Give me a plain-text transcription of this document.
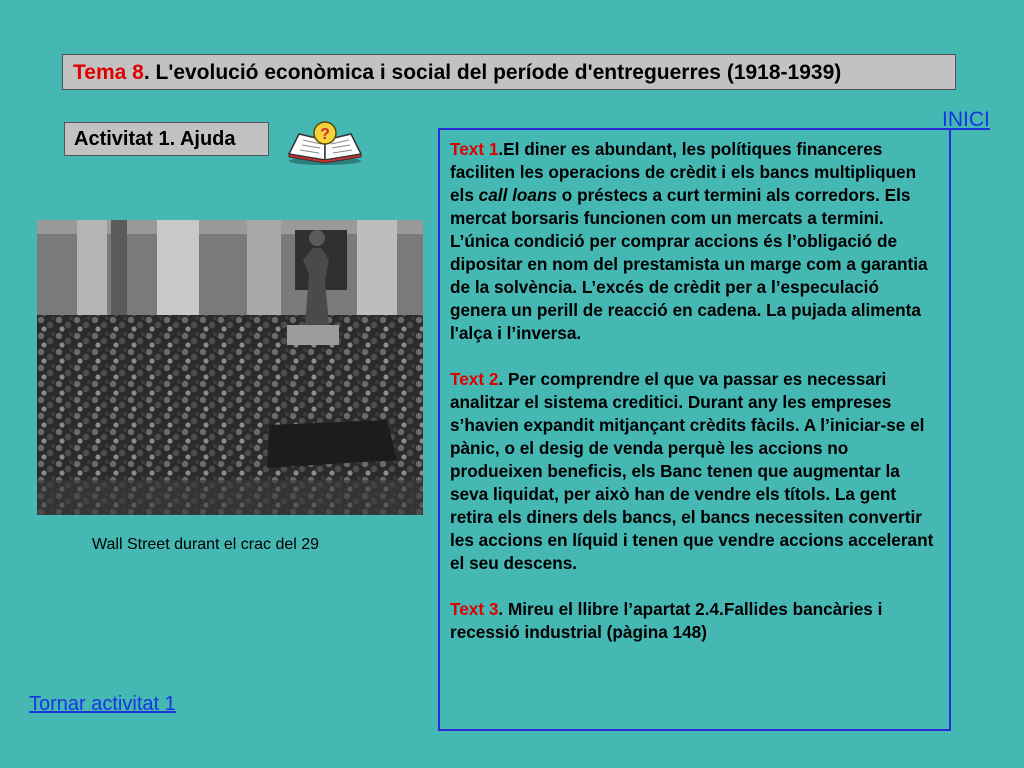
Tema 8. L'evolució econòmica i social del període d'entreguerres (1918-1939)
INICI
Activitat 1. Ajuda	?
Wall Street durant el crac del 29
Tornar activitat 1

Text 1.El diner es abundant, les polítiques financeres faciliten les operacions de crèdit i els bancs multipliquen els call loans o préstecs a curt termini als corredors. Els mercat borsaris funcionen com un mercats a termini. L’única condició per comprar accions és l’obligació de dipositar en nom del prestamista un marge com a garantia de la solvència. L’excés de crèdit per a l’especulació genera un perill de reacció en cadena. La pujada alimenta l'alça i l’inversa.

Text 2. Per comprendre el que va passar es necessari analitzar el sistema creditici. Durant any les empreses s’havien expandit mitjançant crèdits fàcils. A l’iniciar-se el pànic, o el desig de venda perquè les accions no produeixen beneficis, els Banc tenen que augmentar la seva liquidat, per això han de vendre els títols. La gent retira els diners dels bancs, el bancs necessiten convertir les accions en líquid i tenen que vendre accions accelerant el seu descens.

Text 3. Mireu el llibre l’apartat 2.4.Fallides bancàries i recessió industrial (pàgina 148)
